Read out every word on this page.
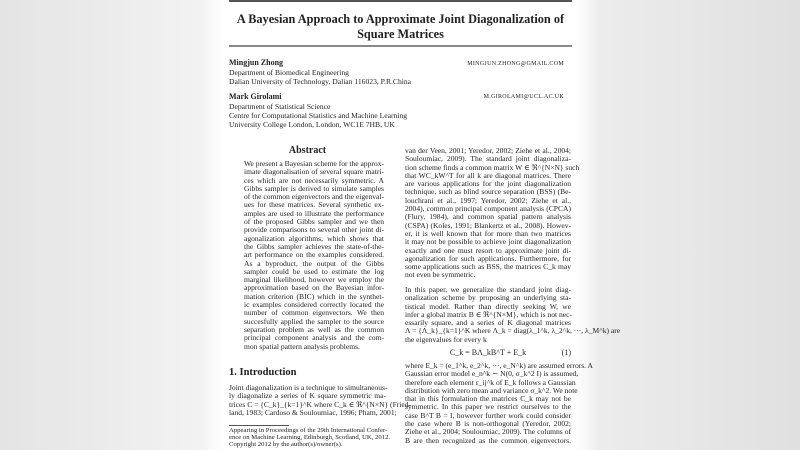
A Bayesian Approach to Approximate Joint Diagonalization of
Square Matrices
Mingjun Zhong
Department of Biomedical Engineering
Dalian University of Technology, Dalian 116023, P.R.China
MINGJUN.ZHONG@GMAIL.COM
Mark Girolami
Department of Statistical Science
Centre for Computational Statistics and Machine Learning
University College London, London, WC1E 7HB, UK
M.GIROLAMI@UCL.AC.UK
Abstract
We present a Bayesian scheme for the approx-
imate diagonalisation of several square matri-
ces which are not necessarily symmetric. A
Gibbs sampler is derived to simulate samples
of the common eigenvectors and the eigenval-
ues for these matrices. Several synthetic ex-
amples are used to illustrate the performance
of the proposed Gibbs sampler and we then
provide comparisons to several other joint di-
agonalization algorithms, which shows that
the Gibbs sampler achieves the state-of-the-
art performance on the examples considered.
As a byproduct, the output of the Gibbs
sampler could be used to estimate the log
marginal likelihood, however we employ the
approximation based on the Bayesian infor-
mation criterion (BIC) which in the synthet-
ic examples considered correctly located the
number of common eigenvectors. We then
succesfully applied the sampler to the source
separation problem as well as the common
principal component analysis and the com-
mon spatial pattern analysis problems.
1. Introduction
Joint diagonalization is a technique to simultaneous-
ly diagonalize a series of K square symmetric ma-
trices C = {C_k}_{k=1}^K where C_k ∈ ℜ^{N×N} (Fried-
land, 1983; Cardoso & Souloumiac, 1996; Pham, 2001;
Appearing in Proceedings of the 29th International Confer-
ence on Machine Learning, Edinburgh, Scotland, UK, 2012.
Copyright 2012 by the author(s)/owner(s).
van der Veen, 2001; Yeredor, 2002; Ziehe et al., 2004;
Souloumiac, 2009). The standard joint diagonaliza-
tion scheme finds a common matrix W ∈ ℜ^{N×N} such
that WC_kW^T for all k are diagonal matrices. There
are various applications for the joint diagonalization
technique, such as blind source separation (BSS) (Be-
louchrani et al., 1997; Yeredor, 2002; Ziehe et al.,
2004), common principal component analysis (CPCA)
(Flury, 1984), and common spatial pattern analysis
(CSPA) (Koles, 1991; Blankertz et al., 2008). Howev-
er, it is well known that for more than two matrices
it may not be possible to achieve joint diagonalization
exactly and one must resort to approximate joint di-
agonalization for such applications. Furthermore, for
some applications such as BSS, the matrices C_k may
not even be symmetric.
In this paper, we generalize the standard joint diag-
onalization scheme by proposing an underlying sta-
tistical model. Rather than directly seeking W, we
infer a global matrix B ∈ ℜ^{N×M}, which is not nec-
essarily square, and a series of K diagonal matrices
Λ = {Λ_k}_{k=1}^K where Λ_k = diag(λ_1^k, λ_2^k, ···, λ_M^k) are
the eigenvalues for every k
C_k = BΛ_kB^T + E_k	(1)
where E_k = (e_1^k, e_2^k, ···, e_N^k) are assumed errors. A
Gaussian error model e_n^k ∼ N(0, σ_k^2 I) is assumed,
therefore each element ε_ij^k of E_k follows a Gaussian
distribution with zero mean and variance σ_k^2. We note
that in this formulation the matrices C_k may not be
symmetric. In this paper we restrict ourselves to the
case B^T B = I, however further work could consider
the case where B is non-orthogonal (Yeredor, 2002;
Ziehe et al., 2004; Souloumiac, 2009). The columns of
B are then recognized as the common eigenvectors.
